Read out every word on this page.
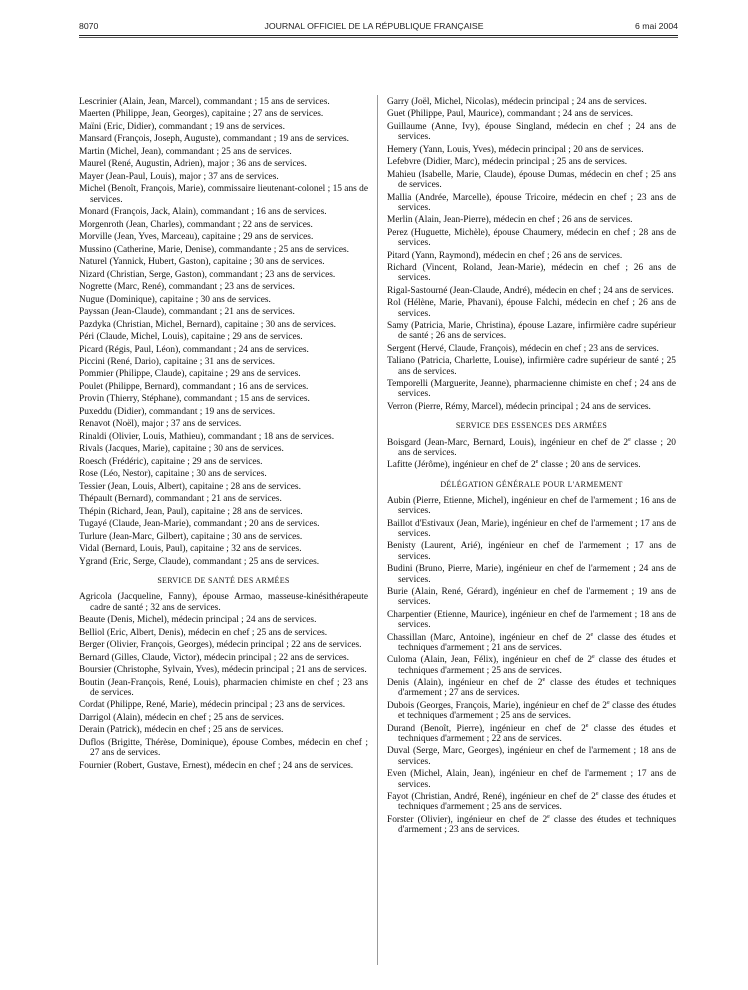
8070	JOURNAL OFFICIEL DE LA RÉPUBLIQUE FRANÇAISE	6 mai 2004
Lescrinier (Alain, Jean, Marcel), commandant ; 15 ans de services.
Maerten (Philippe, Jean, Georges), capitaine ; 27 ans de services.
Maïni (Eric, Didier), commandant ; 19 ans de services.
Mansard (François, Joseph, Auguste), commandant ; 19 ans de services.
Martin (Michel, Jean), commandant ; 25 ans de services.
Maurel (René, Augustin, Adrien), major ; 36 ans de services.
Mayer (Jean-Paul, Louis), major ; 37 ans de services.
Michel (Benoît, François, Marie), commissaire lieutenant-colonel ; 15 ans de services.
Monard (François, Jack, Alain), commandant ; 16 ans de services.
Morgenroth (Jean, Charles), commandant ; 22 ans de services.
Morville (Jean, Yves, Marceau), capitaine ; 29 ans de services.
Mussino (Catherine, Marie, Denise), commandante ; 25 ans de services.
Naturel (Yannick, Hubert, Gaston), capitaine ; 30 ans de services.
Nizard (Christian, Serge, Gaston), commandant ; 23 ans de services.
Nogrette (Marc, René), commandant ; 23 ans de services.
Nugue (Dominique), capitaine ; 30 ans de services.
Payssan (Jean-Claude), commandant ; 21 ans de services.
Pazdyka (Christian, Michel, Bernard), capitaine ; 30 ans de services.
Péri (Claude, Michel, Louis), capitaine ; 29 ans de services.
Picard (Régis, Paul, Léon), commandant ; 24 ans de services.
Piccini (René, Dario), capitaine ; 31 ans de services.
Pommier (Philippe, Claude), capitaine ; 29 ans de services.
Poulet (Philippe, Bernard), commandant ; 16 ans de services.
Provin (Thierry, Stéphane), commandant ; 15 ans de services.
Puxeddu (Didier), commandant ; 19 ans de services.
Renavot (Noël), major ; 37 ans de services.
Rinaldi (Olivier, Louis, Mathieu), commandant ; 18 ans de services.
Rivals (Jacques, Marie), capitaine ; 30 ans de services.
Roesch (Frédéric), capitaine ; 29 ans de services.
Rose (Léo, Nestor), capitaine ; 30 ans de services.
Tessier (Jean, Louis, Albert), capitaine ; 28 ans de services.
Thépault (Bernard), commandant ; 21 ans de services.
Thépin (Richard, Jean, Paul), capitaine ; 28 ans de services.
Tugayé (Claude, Jean-Marie), commandant ; 20 ans de services.
Turlure (Jean-Marc, Gilbert), capitaine ; 30 ans de services.
Vidal (Bernard, Louis, Paul), capitaine ; 32 ans de services.
Ygrand (Eric, Serge, Claude), commandant ; 25 ans de services.
SERVICE DE SANTÉ DES ARMÉES
Agricola (Jacqueline, Fanny), épouse Armao, masseuse-kinésithérapeute cadre de santé ; 32 ans de services.
Beaute (Denis, Michel), médecin principal ; 24 ans de services.
Belliol (Eric, Albert, Denis), médecin en chef ; 25 ans de services.
Berger (Olivier, François, Georges), médecin principal ; 22 ans de services.
Bernard (Gilles, Claude, Victor), médecin principal ; 22 ans de services.
Boursier (Christophe, Sylvain, Yves), médecin principal ; 21 ans de services.
Boutin (Jean-François, René, Louis), pharmacien chimiste en chef ; 23 ans de services.
Cordat (Philippe, René, Marie), médecin principal ; 23 ans de services.
Darrigol (Alain), médecin en chef ; 25 ans de services.
Derain (Patrick), médecin en chef ; 25 ans de services.
Duflos (Brigitte, Thérèse, Dominique), épouse Combes, médecin en chef ; 27 ans de services.
Fournier (Robert, Gustave, Ernest), médecin en chef ; 24 ans de services.
Garry (Joël, Michel, Nicolas), médecin principal ; 24 ans de services.
Guet (Philippe, Paul, Maurice), commandant ; 24 ans de services.
Guillaume (Anne, Ivy), épouse Singland, médecin en chef ; 24 ans de services.
Hemery (Yann, Louis, Yves), médecin principal ; 20 ans de services.
Lefebvre (Didier, Marc), médecin principal ; 25 ans de services.
Mahieu (Isabelle, Marie, Claude), épouse Dumas, médecin en chef ; 25 ans de services.
Mallia (Andrée, Marcelle), épouse Tricoire, médecin en chef ; 23 ans de services.
Merlin (Alain, Jean-Pierre), médecin en chef ; 26 ans de services.
Perez (Huguette, Michèle), épouse Chaumery, médecin en chef ; 28 ans de services.
Pitard (Yann, Raymond), médecin en chef ; 26 ans de services.
Richard (Vincent, Roland, Jean-Marie), médecin en chef ; 26 ans de services.
Rigal-Sastourné (Jean-Claude, André), médecin en chef ; 24 ans de services.
Rol (Hélène, Marie, Phavani), épouse Falchi, médecin en chef ; 26 ans de services.
Samy (Patricia, Marie, Christina), épouse Lazare, infirmière cadre supérieur de santé ; 26 ans de services.
Sergent (Hervé, Claude, François), médecin en chef ; 23 ans de services.
Taliano (Patricia, Charlette, Louise), infirmière cadre supérieur de santé ; 25 ans de services.
Temporelli (Marguerite, Jeanne), pharmacienne chimiste en chef ; 24 ans de services.
Verron (Pierre, Rémy, Marcel), médecin principal ; 24 ans de services.
SERVICE DES ESSENCES DES ARMÉES
Boisgard (Jean-Marc, Bernard, Louis), ingénieur en chef de 2e classe ; 20 ans de services.
Lafitte (Jérôme), ingénieur en chef de 2e classe ; 20 ans de services.
DÉLÉGATION GÉNÉRALE POUR L'ARMEMENT
Aubin (Pierre, Etienne, Michel), ingénieur en chef de l'armement ; 16 ans de services.
Baillot d'Estivaux (Jean, Marie), ingénieur en chef de l'armement ; 17 ans de services.
Benisty (Laurent, Arié), ingénieur en chef de l'armement ; 17 ans de services.
Budini (Bruno, Pierre, Marie), ingénieur en chef de l'armement ; 24 ans de services.
Burie (Alain, René, Gérard), ingénieur en chef de l'armement ; 19 ans de services.
Charpentier (Etienne, Maurice), ingénieur en chef de l'armement ; 18 ans de services.
Chassillan (Marc, Antoine), ingénieur en chef de 2e classe des études et techniques d'armement ; 21 ans de services.
Culoma (Alain, Jean, Félix), ingénieur en chef de 2e classe des études et techniques d'armement ; 25 ans de services.
Denis (Alain), ingénieur en chef de 2e classe des études et techniques d'armement ; 27 ans de services.
Dubois (Georges, François, Marie), ingénieur en chef de 2e classe des études et techniques d'armement ; 25 ans de services.
Durand (Benoît, Pierre), ingénieur en chef de 2e classe des études et techniques d'armement ; 22 ans de services.
Duval (Serge, Marc, Georges), ingénieur en chef de l'armement ; 18 ans de services.
Even (Michel, Alain, Jean), ingénieur en chef de l'armement ; 17 ans de services.
Fayot (Christian, André, René), ingénieur en chef de 2e classe des études et techniques d'armement ; 25 ans de services.
Forster (Olivier), ingénieur en chef de 2e classe des études et techniques d'armement ; 23 ans de services.
